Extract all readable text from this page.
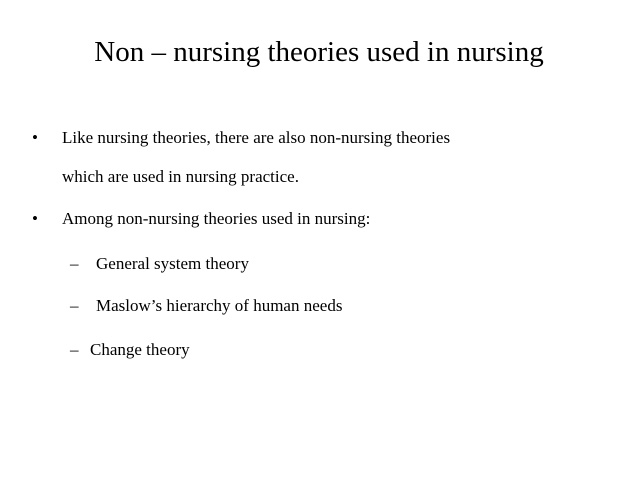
Non – nursing theories used in nursing
• Like nursing theories, there are also non-nursing theories
which are used in nursing practice.
• Among non-nursing theories used in nursing:
– General system theory
– Maslow’s hierarchy of human needs
– Change theory
